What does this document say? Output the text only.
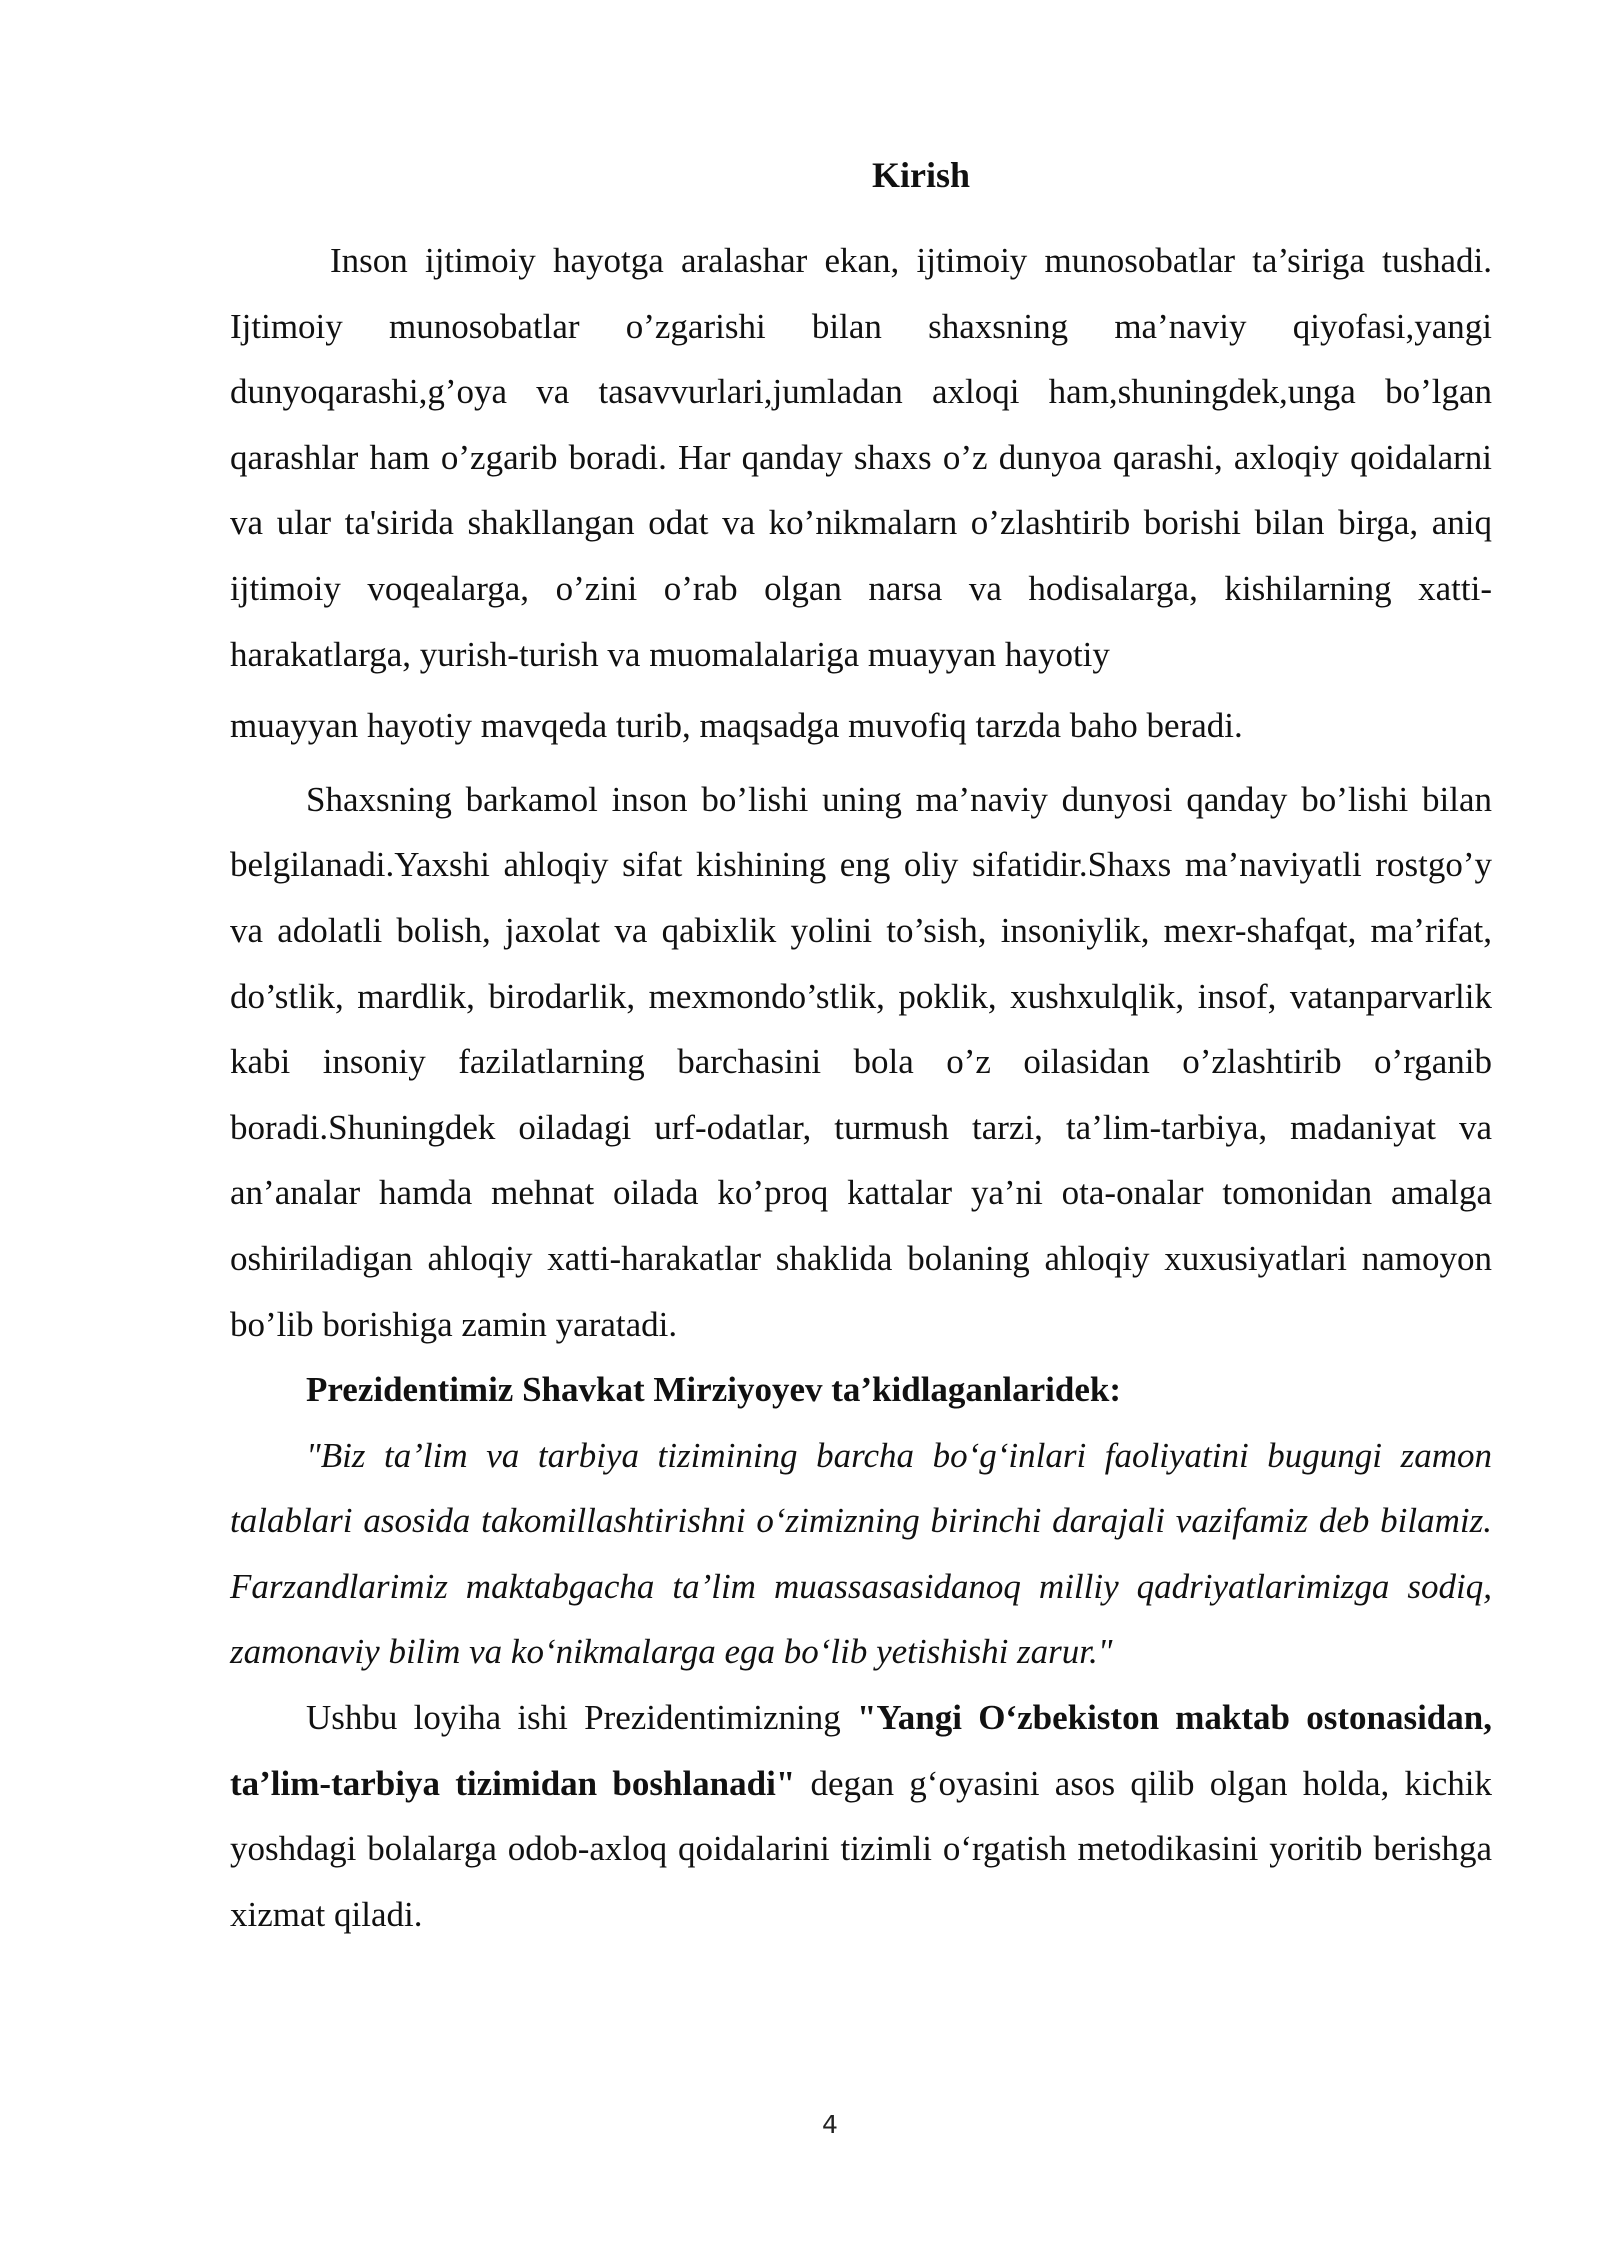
Kirish

Inson ijtimoiy hayotga aralashar ekan, ijtimoiy munosobatlar ta’siriga tushadi. Ijtimoiy munosobatlar o’zgarishi bilan shaxsning ma’naviy qiyofasi,yangi dunyoqarashi,g’oya va tasavvurlari,jumladan axloqi ham,shuningdek,unga bo’lgan qarashlar ham o’zgarib boradi. Har qanday shaxs o’z dunyoa qarashi, axloqiy qoidalarni va ular ta'sirida shakllangan odat va ko’nikmalarn o’zlashtirib borishi bilan birga, aniq ijtimoiy voqealarga, o’zini o’rab olgan narsa va hodisalarga, kishilarning xatti-harakatlarga, yurish-turish va muomalalariga muayyan hayotiy

muayyan hayotiy mavqeda turib, maqsadga muvofiq tarzda baho beradi.

Shaxsning barkamol inson bo’lishi uning ma’naviy dunyosi qanday bo’lishi bilan belgilanadi.Yaxshi ahloqiy sifat kishining eng oliy sifatidir.Shaxs ma’naviyatli rostgo’y va adolatli bolish, jaxolat va qabixlik yolini to’sish, insoniylik, mexr-shafqat, ma’rifat, do’stlik, mardlik, birodarlik, mexmondo’stlik, poklik, xushxulqlik, insof, vatanparvarlik kabi insoniy fazilatlarning barchasini bola o’z oilasidan o’zlashtirib o’rganib boradi.Shuningdek oiladagi urf-odatlar, turmush tarzi, ta’lim-tarbiya, madaniyat va an’analar hamda mehnat oilada ko’proq kattalar ya’ni ota-onalar tomonidan amalga oshiriladigan ahloqiy xatti-harakatlar shaklida bolaning ahloqiy xuxusiyatlari namoyon bo’lib borishiga zamin yaratadi.

Prezidentimiz Shavkat Mirziyoyev ta’kidlaganlaridek:

"Biz ta’lim va tarbiya tizimining barcha bo‘g‘inlari faoliyatini bugungi zamon talablari asosida takomillashtirishni o‘zimizning birinchi darajali vazifamiz deb bilamiz. Farzandlarimiz maktabgacha ta’lim muassasasidanoq milliy qadriyatlarimizga sodiq, zamonaviy bilim va ko‘nikmalarga ega bo‘lib yetishishi zarur."

Ushbu loyiha ishi Prezidentimizning "Yangi O‘zbekiston maktab ostonasidan, ta’lim-tarbiya tizimidan boshlanadi" degan g‘oyasini asos qilib olgan holda, kichik yoshdagi bolalarga odob-axloq qoidalarini tizimli o‘rgatish metodikasini yoritib berishga xizmat qiladi.

4
